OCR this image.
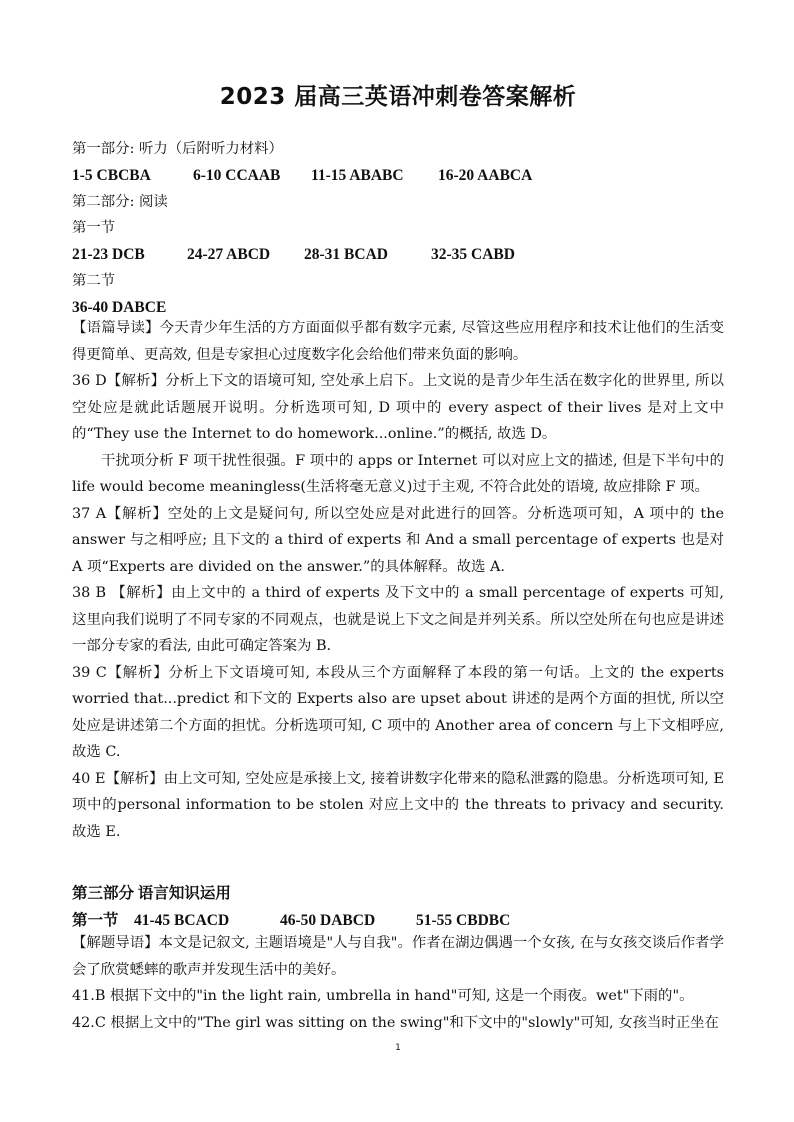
2023 届高三英语冲刺卷答案解析
第一部分: 听力（后附听力材料）
1-5 CBCBA	6-10 CCAAB 11-15 ABABC 16-20 AABCA
第二部分: 阅读
第一节
21-23 DCB	24-27 ABCD 28-31 BCAD	32-35 CABD
第二节
36-40 DABCE

【语篇导读】今天青少年生活的方方面面似乎都有数字元素, 尽管这些应用程序和技术让他们的生活变得更简单、更高效, 但是专家担心过度数字化会给他们带来负面的影响。

36 D【解析】分析上下文的语境可知, 空处承上启下。上文说的是青少年生活在数字化的世界里, 所以空处应是就此话题展开说明。分析选项可知, D 项中的 every aspect of their lives 是对上文中的“They use the Internet to do homework...online.”的概括, 故选 D。

干扰项分析 F 项干扰性很强。F 项中的 apps or Internet 可以对应上文的描述, 但是下半句中的 life would become meaningless(生活将毫无意义)过于主观, 不符合此处的语境, 故应排除 F 项。

37 A【解析】空处的上文是疑问句, 所以空处应是对此进行的回答。分析选项可知，A 项中的 the answer 与之相呼应; 且下文的 a third of experts 和 And a small percentage of experts 也是对 A 项“Experts are divided on the answer.”的具体解释。故选 A.

38 B 【解析】由上文中的 a third of experts 及下文中的 a small percentage of experts 可知, 这里向我们说明了不同专家的不同观点，也就是说上下文之间是并列关系。所以空处所在句也应是讲述一部分专家的看法, 由此可确定答案为 B.

39 C【解析】分析上下文语境可知, 本段从三个方面解释了本段的第一句话。上文的 the experts worried that...predict 和下文的 Experts also are upset about 讲述的是两个方面的担忧, 所以空处应是讲述第二个方面的担忧。分析选项可知, C 项中的 Another area of concern 与上下文相呼应, 故选 C.

40 E【解析】由上文可知, 空处应是承接上文, 接着讲数字化带来的隐私泄露的隐患。分析选项可知, E 项中的personal information to be stolen 对应上文中的 the threats to privacy and security. 故选 E.

第三部分 语言知识运用
第一节 41-45 BCACD	46-50 DABCD	51-55 CBDBC

【解题导语】本文是记叙文, 主题语境是"人与自我"。作者在湖边偶遇一个女孩, 在与女孩交谈后作者学会了欣赏蟋蟀的歌声并发现生活中的美好。

41.B 根据下文中的"in the light rain, umbrella in hand"可知, 这是一个雨夜。wet"下雨的"。

42.C 根据上文中的"The girl was sitting on the swing"和下文中的"slowly"可知, 女孩当时正坐在

1
